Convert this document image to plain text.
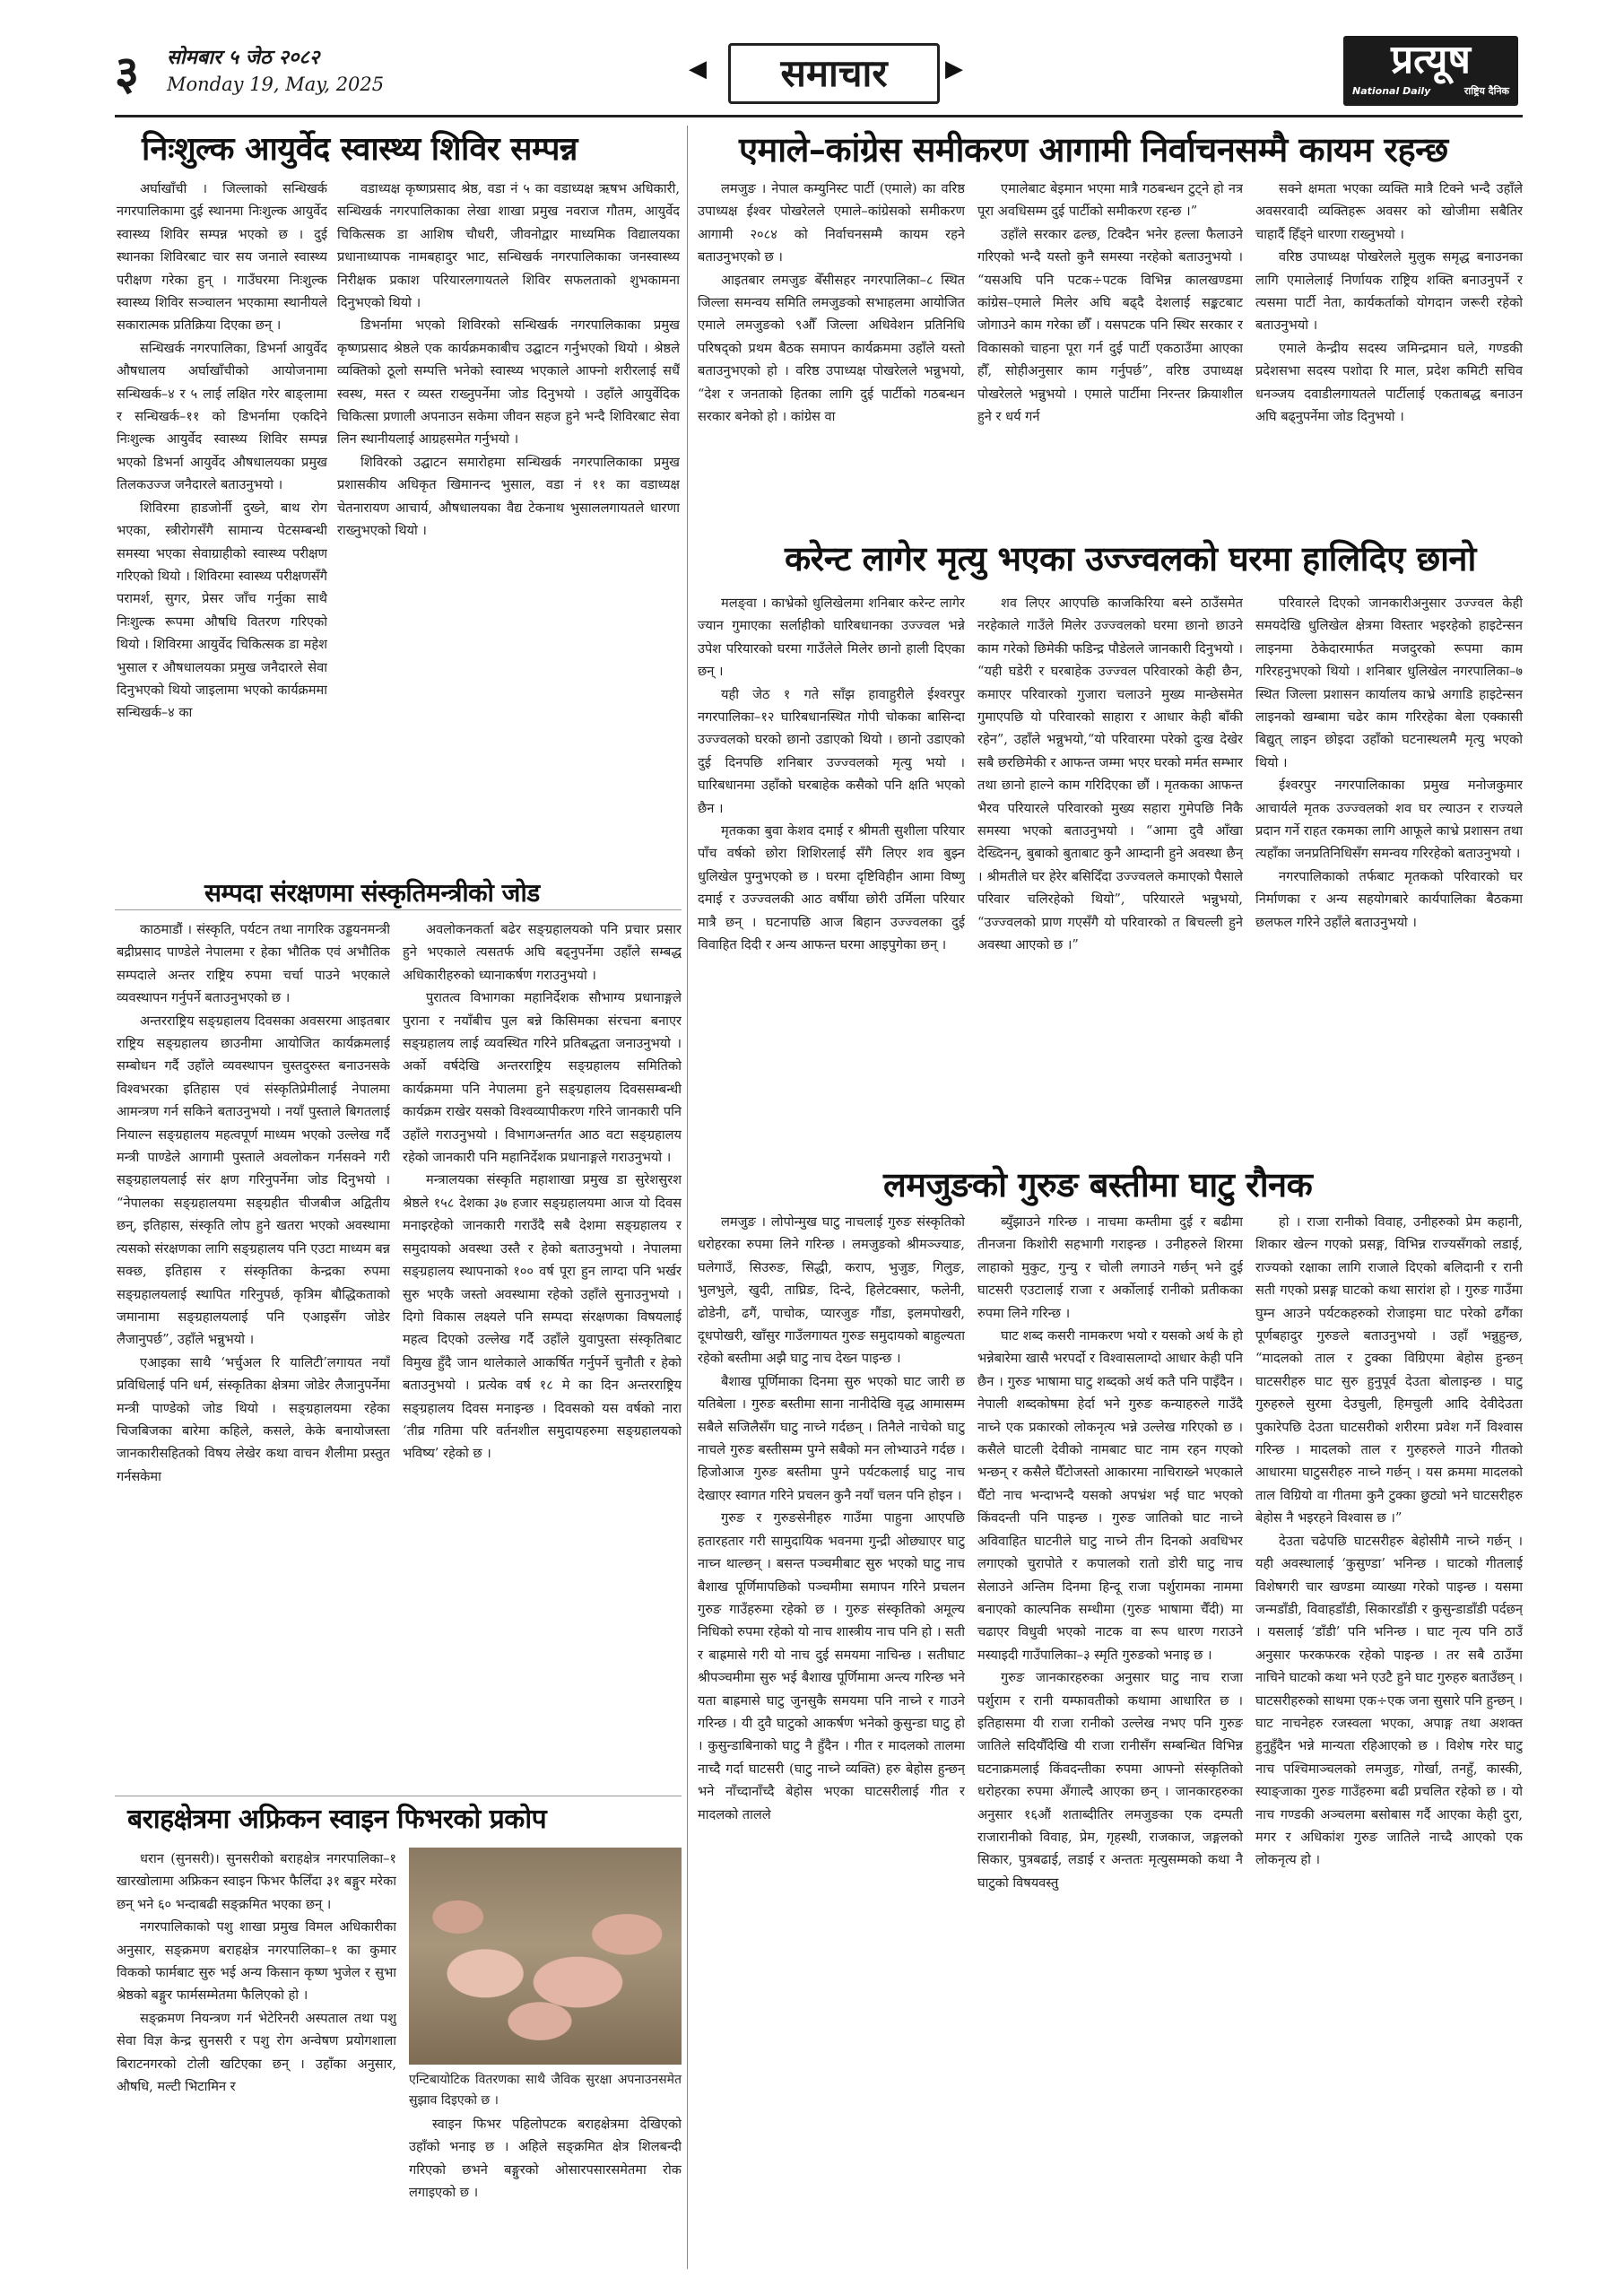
३ सोमबार ५ जेठ २०८२
Monday 19, May, 2025
◀	समाचार	▶	प्रत्यूष
National Daily	राष्ट्रिय दैनिक
निःशुल्क आयुर्वेद स्वास्थ्य शिविर सम्पन्न

अर्घाखाँची । जिल्लाको सन्धिखर्क नगरपालिकामा दुई स्थानमा निःशुल्क आयुर्वेद स्वास्थ्य शिविर सम्पन्न भएको छ । दुई स्थानका शिविरबाट चार सय जनाले स्वास्थ्य परीक्षण गरेका हुन् । गाउँघरमा निःशुल्क स्वास्थ्य शिविर सञ्चालन भएकामा स्थानीयले सकारात्मक प्रतिक्रिया दिएका छन् ।

सन्धिखर्क नगरपालिका, डिभर्ना आयुर्वेद औषधालय अर्घाखाँचीको आयोजनामा सन्धिखर्क–४ र ५ लाई लक्षित गरेर बाङ्लामा र सन्धिखर्क–११ को डिभर्नामा एकदिने निःशुल्क आयुर्वेद स्वास्थ्य शिविर सम्पन्न भएको डिभर्ना आयुर्वेद औषधालयका प्रमुख तिलकउज्ज जनैदारले बताउनुभयो ।

शिविरमा हाडजोर्नी दुख्ने, बाथ रोग भएका, स्त्रीरोगसँगै सामान्य पेटसम्बन्धी समस्या भएका सेवाग्राहीको स्वास्थ्य परीक्षण गरिएको थियो । शिविरमा स्वास्थ्य परीक्षणसँगै परामर्श, सुगर, प्रेसर जाँच गर्नुका साथै निःशुल्क रूपमा औषधि वितरण गरिएको थियो । शिविरमा आयुर्वेद चिकित्सक डा महेश भुसाल र औषधालयका प्रमुख जनैदारले सेवा दिनुभएको थियो जाइलामा भएको कार्यक्रममा सन्धिखर्क–४ का

वडाध्यक्ष कृष्णप्रसाद श्रेष्ठ, वडा नं ५ का वडाध्यक्ष ऋषभ अधिकारी, सन्धिखर्क नगरपालिकाका लेखा शाखा प्रमुख नवराज गौतम, आयुर्वेद चिकित्सक डा आशिष चौधरी, जीवनोद्वार माध्यमिक विद्यालयका प्रधानाध्यापक नामबहादुर भाट, सन्धिखर्क नगरपालिकाका जनस्वास्थ्य निरीक्षक प्रकाश परियारलगायतले शिविर सफलताको शुभकामना दिनुभएको थियो ।

डिभर्नामा भएको शिविरको सन्धिखर्क नगरपालिकाका प्रमुख कृष्णप्रसाद श्रेष्ठले एक कार्यक्रमकाबीच उद्घाटन गर्नुभएको थियो । श्रेष्ठले व्यक्तिको ठूलो सम्पत्ति भनेको स्वास्थ्य भएकाले आफ्नो शरीरलाई सधैँ स्वस्थ, मस्त र व्यस्त राख्नुपर्नेमा जोड दिनुभयो । उहाँले आयुर्वेदिक चिकित्सा प्रणाली अपनाउन सकेमा जीवन सहज हुने भन्दै शिविरबाट सेवा लिन स्थानीयलाई आग्रहसमेत गर्नुभयो ।

शिविरको उद्घाटन समारोहमा सन्धिखर्क नगरपालिकाका प्रमुख प्रशासकीय अधिकृत खिमानन्द भुसाल, वडा नं ११ का वडाध्यक्ष चेतनारायण आचार्य, औषधालयका वैद्य टेकनाथ भुसाललगायतले धारणा राख्नुभएको थियो ।

सम्पदा संरक्षणमा संस्कृतिमन्त्रीको जोड

काठमाडौं । संस्कृति, पर्यटन तथा नागरिक उड्डयनमन्त्री बद्रीप्रसाद पाण्डेले नेपालमा र हेका भौतिक एवं अभौतिक सम्पदाले अन्तर राष्ट्रिय रुपमा चर्चा पाउने भएकाले व्यवस्थापन गर्नुपर्ने बताउनुभएको छ ।

अन्तरराष्ट्रिय सङ्ग्रहालय दिवसका अवसरमा आइतबार राष्ट्रिय सङ्ग्रहालय छाउनीमा आयोजित कार्यक्रमलाई सम्बोधन गर्दै उहाँले व्यवस्थापन चुस्तदुरुस्त बनाउनसके विश्वभरका इतिहास एवं संस्कृतिप्रेमीलाई नेपालमा आमन्त्रण गर्न सकिने बताउनुभयो । नयाँ पुस्ताले बिगतलाई नियाल्न सङ्ग्रहालय महत्वपूर्ण माध्यम भएको उल्लेख गर्दै मन्त्री पाण्डेले आगामी पुस्ताले अवलोकन गर्नसक्ने गरी सङ्ग्रहालयलाई संर क्षण गरिनुपर्नेमा जोड दिनुभयो । “नेपालका सङ्ग्रहालयमा सङ्ग्रहीत चीजबीज अद्वितीय छन्, इतिहास, संस्कृति लोप हुने खतरा भएको अवस्थामा त्यसको संरक्षणका लागि सङ्ग्रहालय पनि एउटा माध्यम बन्न सक्छ, इतिहास र संस्कृतिका केन्द्रका रुपमा सङ्ग्रहालयलाई स्थापित गरिनुपर्छ, कृत्रिम बौद्धिकताको जमानामा सङ्ग्रहालयलाई पनि एआइसँग जोडेर लैजानुपर्छ”, उहाँले भन्नुभयो ।

एआइका साथै ‘भर्चुअल रि यालिटी’लगायत नयाँ प्रविधिलाई पनि धर्म, संस्कृतिका क्षेत्रमा जोडेर लैजानुपर्नेमा मन्त्री पाण्डेको जोड थियो । सङ्ग्रहालयमा रहेका चिजबिजका बारेमा कहिले, कसले, केके बनायोजस्ता जानकारीसहितको विषय लेखेर कथा वाचन शैलीमा प्रस्तुत गर्नसकेमा

अवलोकनकर्ता बढेर सङ्ग्रहालयको पनि प्रचार प्रसार हुने भएकाले त्यसतर्फ अघि बढ्नुपर्नेमा उहाँले सम्बद्ध अधिकारीहरुको ध्यानाकर्षण गराउनुभयो ।

पुरातत्व विभागका महानिर्देशक सौभाग्य प्रधानाङ्गले पुराना र नयाँबीच पुल बन्ने किसिमका संरचना बनाएर सङ्ग्रहालय लाई व्यवस्थित गरिने प्रतिबद्धता जनाउनुभयो । अर्को वर्षदेखि अन्तरराष्ट्रिय सङ्ग्रहालय समितिको कार्यक्रममा पनि नेपालमा हुने सङ्ग्रहालय दिवससम्बन्धी कार्यक्रम राखेर यसको विश्वव्यापीकरण गरिने जानकारी पनि उहाँले गराउनुभयो । विभागअन्तर्गत आठ वटा सङ्ग्रहालय रहेको जानकारी पनि महानिर्देशक प्रधानाङ्गले गराउनुभयो ।

मन्त्रालयका संस्कृति महाशाखा प्रमुख डा सुरेशसुरश श्रेष्ठले १५८ देशका ३७ हजार सङ्ग्रहालयमा आज यो दिवस मनाइरहेको जानकारी गराउँदै सबै देशमा सङ्ग्रहालय र समुदायको अवस्था उस्तै र हेको बताउनुभयो । नेपालमा सङ्ग्रहालय स्थापनाको १०० वर्ष पूरा हुन लाग्दा पनि भर्खर सुरु भएकै जस्तो अवस्थामा रहेको उहाँले सुनाउनुभयो । दिगो विकास लक्ष्यले पनि सम्पदा संरक्षणका विषयलाई महत्व दिएको उल्लेख गर्दै उहाँले युवापुस्ता संस्कृतिबाट विमुख हुँदै जान थालेकाले आकर्षित गर्नुपर्ने चुनौती र हेको बताउनुभयो । प्रत्येक वर्ष १८ मे का दिन अन्तरराष्ट्रिय सङ्ग्रहालय दिवस मनाइन्छ । दिवसको यस वर्षको नारा ‘तीव्र गतिमा परि वर्तनशील समुदायहरुमा सङ्ग्रहालयको भविष्य’ रहेको छ ।

बराहक्षेत्रमा अफ्रिकन स्वाइन फिभरको प्रकोप

धरान (सुनसरी)। सुनसरीको बराहक्षेत्र नगरपालिका–१ खारखोलामा अफ्रिकन स्वाइन फिभर फैलिँदा ३१ बङ्गुर मरेका छन् भने ६० भन्दाबढी सङ्क्रमित भएका छन् ।

नगरपालिकाको पशु शाखा प्रमुख विमल अधिकारीका अनुसार, सङ्क्रमण बराहक्षेत्र नगरपालिका–१ का कुमार विकको फार्मबाट सुरु भई अन्य किसान कृष्ण भुजेल र सुभा श्रेष्ठको बङ्गुर फार्मसम्मेतमा फैलिएको हो ।

सङ्क्रमण नियन्त्रण गर्न भेटेरिनरी अस्पताल तथा पशु सेवा विज्ञ केन्द्र सुनसरी र पशु रोग अन्वेषण प्रयोगशाला बिराटनगरको टोली खटिएका छन् । उहाँका अनुसार, औषधि, मल्टी भिटामिन र	एन्टिबायोटिक वितरणका साथै जैविक सुरक्षा अपनाउनसमेत सुझाव दिइएको छ ।

स्वाइन फिभर पहिलोपटक बराहक्षेत्रमा देखिएको उहाँको भनाइ छ । अहिले सङ्क्रमित क्षेत्र शिलबन्दी गरिएको छभने बङ्गुरको ओसारपसारसमेतमा रोक लगाइएको छ ।

एमाले–कांग्रेस समीकरण आगामी निर्वाचनसम्मै कायम रहन्छ

लमजुङ । नेपाल कम्युनिस्ट पार्टी (एमाले) का वरिष्ठ उपाध्यक्ष ईश्वर पोखरेलले एमाले–कांग्रेसको समीकरण आगामी २०८४ को निर्वाचनसम्मै कायम रहने बताउनुभएको छ ।

आइतबार लमजुङ बेँसीसहर नगरपालिका–८ स्थित जिल्ला समन्वय समिति लमजुङको सभाहलमा आयोजित एमाले लमजुङको ९औँ जिल्ला अधिवेशन प्रतिनिधि परिषद्को प्रथम बैठक समापन कार्यक्रममा उहाँले यस्तो बताउनुभएको हो । वरिष्ठ उपाध्यक्ष पोखरेलले भन्नुभयो, “देश र जनताको हितका लागि दुई पार्टीको गठबन्धन सरकार बनेको हो । कांग्रेस वा

एमालेबाट बेइमान भएमा मात्रै गठबन्धन टुट्ने हो नत्र पूरा अवधिसम्म दुई पार्टीको समीकरण रहन्छ ।”

उहाँले सरकार ढल्छ, टिक्दैन भनेर हल्ला फैलाउने गरिएको भन्दै यस्तो कुनै समस्या नरहेको बताउनुभयो । “यसअघि पनि पटक÷पटक विभिन्न कालखण्डमा कांग्रेस–एमाले मिलेर अघि बढ्दै देशलाई सङ्कटबाट जोगाउने काम गरेका छौँ । यसपटक पनि स्थिर सरकार र विकासको चाहना पूरा गर्न दुई पार्टी एकठाउँमा आएका हौँ, सोहीअनुसार काम गर्नुपर्छ”, वरिष्ठ उपाध्यक्ष पोखरेलले भन्नुभयो । एमाले पार्टीमा निरन्तर क्रियाशील हुने र धर्य गर्न

सक्ने क्षमता भएका व्यक्ति मात्रै टिक्ने भन्दै उहाँले अवसरवादी व्यक्तिहरू अवसर को खोजीमा सबैतिर चाहार्दै हिँड्ने धारणा राख्नुभयो ।

वरिष्ठ उपाध्यक्ष पोखरेलले मुलुक समृद्ध बनाउनका लागि एमालेलाई निर्णायक राष्ट्रिय शक्ति बनाउनुपर्ने र त्यसमा पार्टी नेता, कार्यकर्ताको योगदान जरूरी रहेको बताउनुभयो ।

एमाले केन्द्रीय सदस्य जमिन्द्रमान घले, गण्डकी प्रदेशसभा सदस्य पशोदा रि माल, प्रदेश कमिटी सचिव धनञ्जय दवाडीलगायतले पार्टीलाई एकताबद्ध बनाउन अघि बढ्नुपर्नेमा जोड दिनुभयो ।

करेन्ट लागेर मृत्यु भएका उज्ज्वलको घरमा हालिदिए छानो

मलङ्वा । काभ्रेको धुलिखेलमा शनिबार करेन्ट लागेर ज्यान गुमाएका सर्लाहीको घारिबधानका उज्ज्वल भन्ने उपेश परियारको घरमा गाउँलेले मिलेर छानो हाली दिएका छन् ।

यही जेठ १ गते साँझ हावाहुरीले ईश्वरपुर नगरपालिका–१२ घारिबधानस्थित गोपी चोकका बासिन्दा उज्ज्वलको घरको छानो उडाएको थियो । छानो उडाएको दुई दिनपछि शनिबार उज्ज्वलको मृत्यु भयो । घारिबधानमा उहाँको घरबाहेक कसैको पनि क्षति भएको छैन ।

मृतकका बुवा केशव दमाई र श्रीमती सुशीला परियार पाँच वर्षको छोरा शिशिरलाई सँगै लिएर शव बुझ्न धुलिखेल पुग्नुभएको छ । घरमा दृष्टिविहीन आमा विष्णु दमाई र उज्ज्वलकी आठ वर्षीया छोरी उर्मिला परियार मात्रै छन् । घटनापछि आज बिहान उज्ज्वलका दुई विवाहित दिदी र अन्य आफन्त घरमा आइपुगेका छन् ।

शव लिएर आएपछि काजकिरिया बस्ने ठाउँसमेत नरहेकाले गाउँले मिलेर उज्ज्वलको घरमा छानो छाउने काम गरेको छिमेकी फडिन्द्र पौडेलले जानकारी दिनुभयो । “यही घडेरी र घरबाहेक उज्ज्वल परिवारको केही छैन, कमाएर परिवारको गुजारा चलाउने मुख्य मान्छेसमेत गुमाएपछि यो परिवारको साहारा र आधार केही बाँकी रहेन”, उहाँले भन्नुभयो,“यो परिवारमा परेको दुःख देखेर सबै छरछिमेकी र आफन्त जम्मा भएर घरको मर्मत सम्भार तथा छानो हाल्ने काम गरिदिएका छौं । मृतकका आफन्त भैरव परियारले परिवारको मुख्य सहारा गुमेपछि निकै समस्या भएको बताउनुभयो । “आमा दुवै आँखा देख्दिनन्, बुबाको बुताबाट कुनै आम्दानी हुने अवस्था छैन् । श्रीमतीले घर हेरेर बसिदिँदा उज्ज्वलले कमाएको पैसाले परिवार चलिरहेको थियो”, परियारले भन्नुभयो, “उज्ज्वलको प्राण गएसँगै यो परिवारको त बिचल्ली हुने अवस्था आएको छ ।”

परिवारले दिएको जानकारीअनुसार उज्ज्वल केही समयदेखि धुलिखेल क्षेत्रमा विस्तार भइरहेको हाइटेन्सन लाइनमा ठेकेदारमार्फत मजदुरको रूपमा काम गरिरहनुभएको थियो । शनिबार धुलिखेल नगरपालिका–७ स्थित जिल्ला प्रशासन कार्यालय काभ्रे अगाडि हाइटेन्सन लाइनको खम्बामा चढेर काम गरिरहेका बेला एक्कासी बिद्युत् लाइन छोइदा उहाँको घटनास्थलमै मृत्यु भएको थियो ।

ईश्वरपुर नगरपालिकाका प्रमुख मनोजकुमार आचार्यले मृतक उज्ज्वलको शव घर ल्याउन र राज्यले प्रदान गर्ने राहत रकमका लागि आफूले काभ्रे प्रशासन तथा त्यहाँका जनप्रतिनिधिसँग समन्वय गरिरहेको बताउनुभयो ।

नगरपालिकाको तर्फबाट मृतकको परिवारको घर निर्माणका र अन्य सहयोगबारे कार्यपालिका बैठकमा छलफल गरिने उहाँले बताउनुभयो ।

लमजुङको गुरुङ बस्तीमा घाटु रौनक

लमजुङ । लोपोन्मुख घाटु नाचलाई गुरुङ संस्कृतिको धरोहरका रुपमा लिने गरिन्छ । लमजुङको श्रीमञ्ज्याङ, घलेगाउँ, सिउरुङ, सिद्धी, कराप, भुजुङ, गिलुङ, भुलभुले, खुदी, ताघ्रिङ, दिन्दे, हिलेटक्सार, फलेनी, ढोडेनी, ढगैं, पाचोक, प्यारजुङ गौंडा, इलमपोखरी, दूधपोखरी, खाँसुर गाउँलगायत गुरुङ समुदायको बाहुल्यता रहेको बस्तीमा अझै घाटु नाच देख्न पाइन्छ ।

बैशाख पूर्णिमाका दिनमा सुरु भएको घाट जारी छ यतिबेला । गुरुङ बस्तीमा साना नानीदेखि वृद्ध आमासम्म सबैले सजिलैसँग घाटु नाच्ने गर्दछन् । तिनैले नाचेको घाटु नाचले गुरुङ बस्तीसम्म पुग्ने सबैको मन लोभ्याउने गर्दछ । हिजोआज गुरुङ बस्तीमा पुग्ने पर्यटकलाई घाटु नाच देखाएर स्वागत गरिने प्रचलन कुनै नयाँ चलन पनि होइन ।

गुरुङ र गुरुङसेनीहरु गाउँमा पाहुना आएपछि हतारहतार गरी सामुदायिक भवनमा गुन्द्री ओछ्याएर घाटु नाच्न थाल्छन् । बसन्त पञ्चमीबाट सुरु भएको घाटु नाच बैशाख पूर्णिमापछिको पञ्चमीमा समापन गरिने प्रचलन गुरुङ गाउँहरुमा रहेको छ । गुरुङ संस्कृतिको अमूल्य निधिको रुपमा रहेको यो नाच शास्त्रीय नाच पनि हो । सती र बाह्रमासे गरी यो नाच दुई समयमा नाचिन्छ । सतीघाट श्रीपञ्चमीमा सुरु भई बैशाख पूर्णिमामा अन्त्य गरिन्छ भने यता बाह्रमासे घाटु जुनसुकै समयमा पनि नाच्ने र गाउने गरिन्छ । यी दुवै घाटुको आकर्षण भनेको कुसुन्डा घाटु हो । कुसुन्डाबिनाको घाटु नै हुँदैन । गीत र मादलको तालमा नाच्दै गर्दा घाटसरी (घाटु नाच्ने व्यक्ति) हरु बेहोस हुन्छन् भने नाँच्दानाँच्दै बेहोस भएका घाटसरीलाई गीत र मादलको तालले

ब्युँझाउने गरिन्छ । नाचमा कम्तीमा दुई र बढीमा तीनजना किशोरी सहभागी गराइन्छ । उनीहरुले शिरमा लाहाको मुकुट, गुन्यु र चोली लगाउने गर्छन् भने दुई घाटसरी एउटालाई राजा र अर्कोलाई रानीको प्रतीकका रुपमा लिने गरिन्छ ।

घाट शब्द कसरी नामकरण भयो र यसको अर्थ के हो भन्नेबारेमा खासै भरपर्दो र विश्वासलाग्दो आधार केही पनि छैन । गुरुङ भाषामा घाटु शब्दको अर्थ कतै पनि पाइँदैन । नेपाली शब्दकोषमा हेर्दा भने गुरुङ कन्याहरुले गाउँदै नाच्ने एक प्रकारको लोकनृत्य भन्ने उल्लेख गरिएको छ । कसैले घाटली देवीको नामबाट घाट नाम रहन गएको भन्छन् र कसैले घैँटोजस्तो आकारमा नाचिराख्ने भएकाले घैँटो नाच भन्दाभन्दै यसको अपभ्रंश भई घाट भएको किंवदन्ती पनि पाइन्छ । गुरुङ जातिको घाट नाच्ने अविवाहित घाटनीले घाटु नाच्ने तीन दिनको अवधिभर लगाएको चुरापोते र कपालको रातो डोरी घाटु नाच सेलाउने अन्तिम दिनमा हिन्दू राजा पर्शुरामका नाममा बनाएको काल्पनिक सम्धीमा (गुरुङ भाषामा चैँदी) मा चढाएर विधुवी भएको नाटक वा रूप धारण गराउने मस्याइदी गाउँपालिका–३ स्मृति गुरुङको भनाइ छ ।

गुरुङ जानकारहरुका अनुसार घाटु नाच राजा पर्शुराम र रानी यम्फावतीको कथामा आधारित छ । इतिहासमा यी राजा रानीको उल्लेख नभए पनि गुरुङ जातिले सदियौँदेखि यी राजा रानीसँग सम्बन्धित विभिन्न घटनाक्रमलाई किंवदन्तीका रुपमा आफ्नो संस्कृतिको धरोहरका रुपमा अँगाल्दै आएका छन् । जानकारहरुका अनुसार १६औं शताब्दीतिर लमजुङका एक दम्पती राजारानीको विवाह, प्रेम, गृहस्थी, राजकाज, जङ्गलको सिकार, पुत्रबढाई, लडाई र अन्ततः मृत्युसम्मको कथा नै घाटुको विषयवस्तु

हो । राजा रानीको विवाह, उनीहरुको प्रेम कहानी, शिकार खेल्न गएको प्रसङ्ग, विभिन्न राज्यसँगको लडाई, राज्यको रक्षाका लागि राजाले दिएको बलिदानी र रानी सती गएको प्रसङ्ग घाटको कथा सारांश हो । गुरुङ गाउँमा घुम्न आउने पर्यटकहरुको रोजाइमा घाट परेको ढगैंका पूर्णबहादुर गुरुङले बताउनुभयो । उहाँ भन्नुहुन्छ, “मादलको ताल र टुक्का विग्रिएमा बेहोस हुन्छन् घाटसरीहरु घाट सुरु हुनुपूर्व देउता बोलाइन्छ । घाटु गुरुहरुले सुरमा देउचुली, हिमचुली आदि देवीदेउता पुकारेपछि देउता घाटसरीको शरीरमा प्रवेश गर्ने विश्वास गरिन्छ । मादलको ताल र गुरुहरुले गाउने गीतको आधारमा घाटुसरीहरु नाच्ने गर्छन् । यस क्रममा मादलको ताल विग्रियो वा गीतमा कुनै टुक्का छुट्यो भने घाटसरीहरु बेहोस नै भइरहने विश्वास छ ।”

देउता चढेपछि घाटसरीहरु बेहोसीमै नाच्ने गर्छन् । यही अवस्थालाई ‘कुसुण्डा’ भनिन्छ । घाटको गीतलाई विशेषगरी चार खण्डमा व्याख्या गरेको पाइन्छ । यसमा जन्मडाँडी, विवाहडाँडी, सिकारडाँडी र कुसुन्डाडाँडी पर्दछन् । यसलाई ‘डाँडी’ पनि भनिन्छ । घाट नृत्य पनि ठाउँ अनुसार फरकफरक रहेको पाइन्छ । तर सबै ठाउँमा नाचिने घाटको कथा भने एउटै हुने घाट गुरुहरु बताउँछन् । घाटसरीहरुको साथमा एक÷एक जना सुसारे पनि हुन्छन् । घाट नाचनेहरु रजस्वला भएका, अपाङ्ग तथा अशक्त हुनुहुँदैन भन्ने मान्यता रहिआएको छ । विशेष गरेर घाटु नाच पश्चिमाञ्चलको लमजुङ, गोर्खा, तनहुँ, कास्की, स्याङ्जाका गुरुङ गाउँहरुमा बढी प्रचलित रहेको छ । यो नाच गण्डकी अञ्चलमा बसोबास गर्दै आएका केही दुरा, मगर र अधिकांश गुरुङ जातिले नाच्दै आएको एक लोकनृत्य हो ।
